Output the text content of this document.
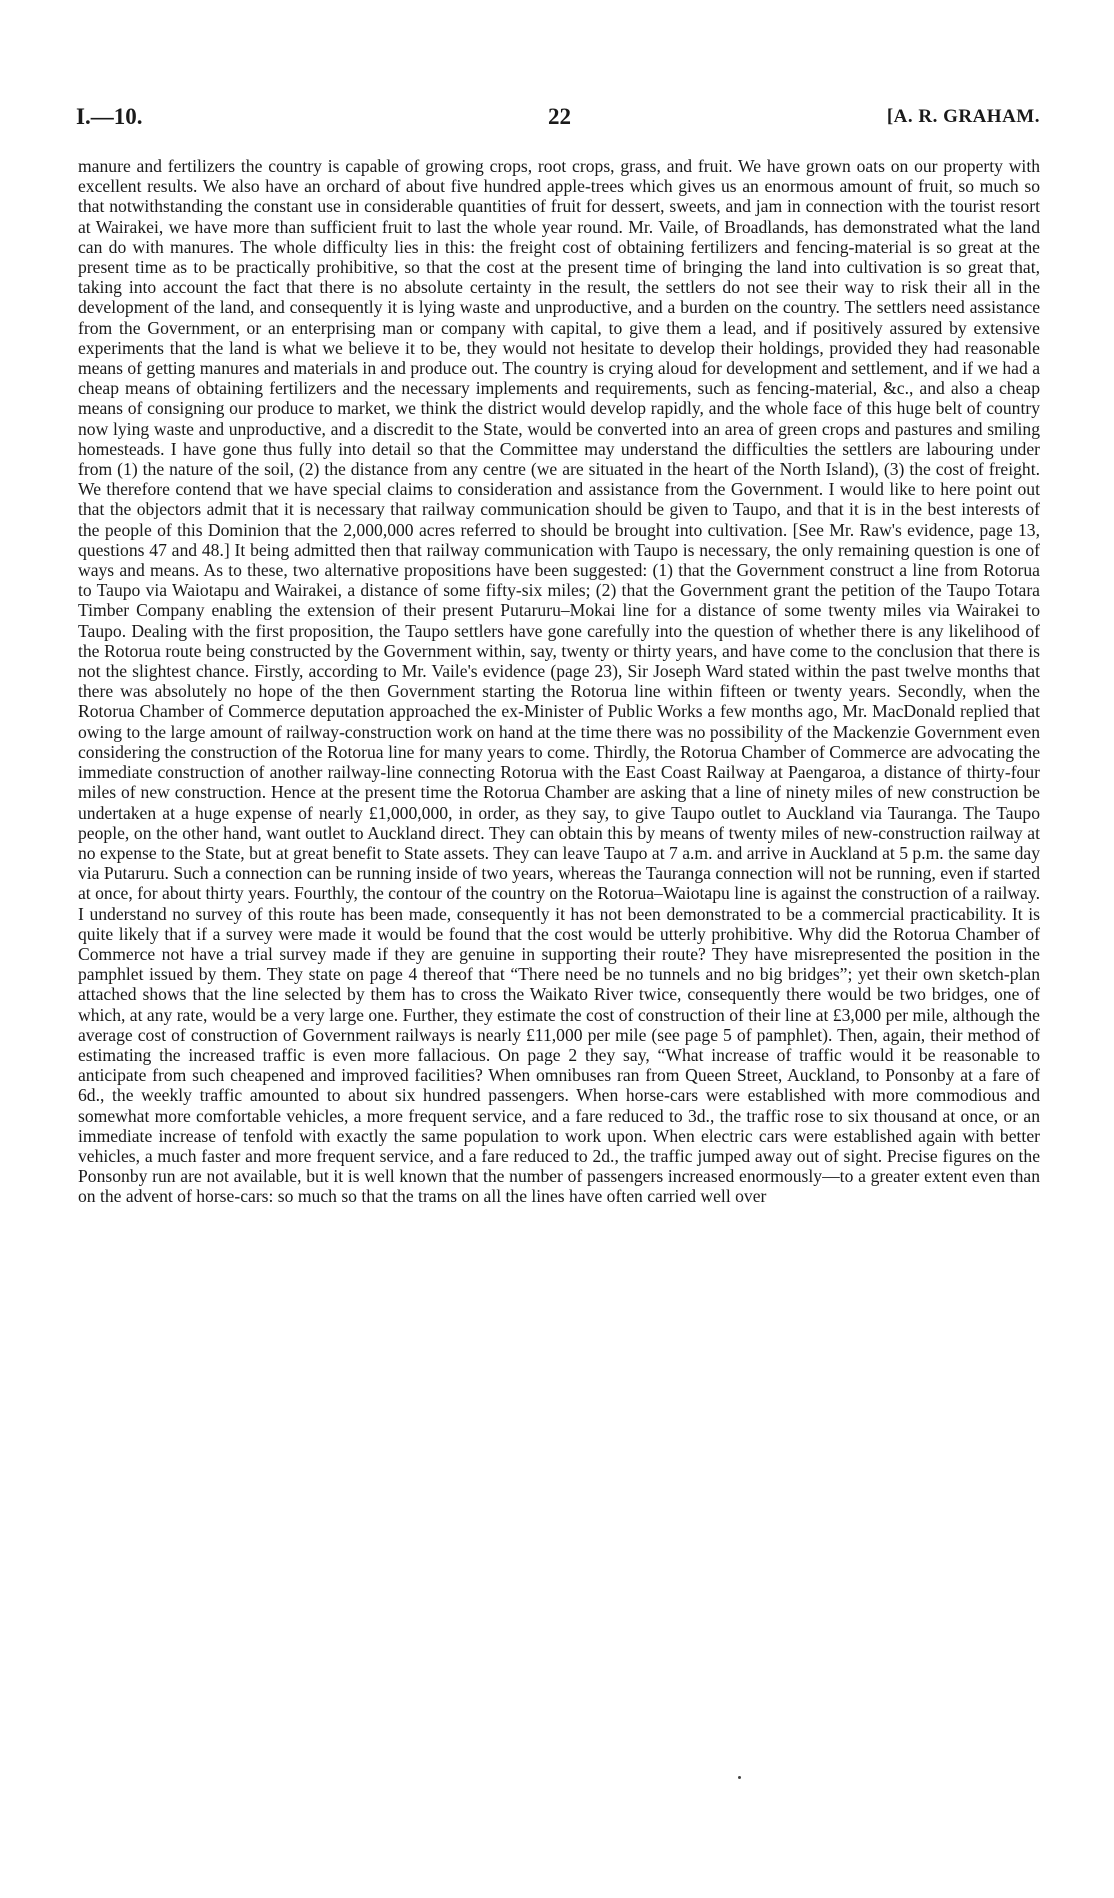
I.—10.	22	[A. R. GRAHAM.
manure and fertilizers the country is capable of growing crops, root crops, grass, and fruit. We have grown oats on our property with excellent results. We also have an orchard of about five hundred apple-trees which gives us an enormous amount of fruit, so much so that notwithstanding the constant use in considerable quantities of fruit for dessert, sweets, and jam in connection with the tourist resort at Wairakei, we have more than sufficient fruit to last the whole year round. Mr. Vaile, of Broadlands, has demonstrated what the land can do with manures. The whole difficulty lies in this: the freight cost of obtaining fertilizers and fencing-material is so great at the present time as to be practically prohibitive, so that the cost at the present time of bringing the land into cultivation is so great that, taking into account the fact that there is no absolute certainty in the result, the settlers do not see their way to risk their all in the development of the land, and consequently it is lying waste and unproductive, and a burden on the country. The settlers need assistance from the Government, or an enterprising man or company with capital, to give them a lead, and if positively assured by extensive experiments that the land is what we believe it to be, they would not hesitate to develop their holdings, provided they had reasonable means of getting manures and materials in and produce out. The country is crying aloud for development and settlement, and if we had a cheap means of obtaining fertilizers and the necessary implements and requirements, such as fencing-material, &c., and also a cheap means of consigning our produce to market, we think the district would develop rapidly, and the whole face of this huge belt of country now lying waste and unproductive, and a discredit to the State, would be converted into an area of green crops and pastures and smiling homesteads. I have gone thus fully into detail so that the Committee may understand the difficulties the settlers are labouring under from (1) the nature of the soil, (2) the distance from any centre (we are situated in the heart of the North Island), (3) the cost of freight. We therefore contend that we have special claims to consideration and assistance from the Government. I would like to here point out that the objectors admit that it is necessary that railway communication should be given to Taupo, and that it is in the best interests of the people of this Dominion that the 2,000,000 acres referred to should be brought into cultivation. [See Mr. Raw's evidence, page 13, questions 47 and 48.] It being admitted then that railway communication with Taupo is necessary, the only remaining question is one of ways and means. As to these, two alternative propositions have been suggested: (1) that the Government construct a line from Rotorua to Taupo via Waiotapu and Wairakei, a distance of some fifty-six miles; (2) that the Government grant the petition of the Taupo Totara Timber Company enabling the extension of their present Putaruru–Mokai line for a distance of some twenty miles via Wairakei to Taupo. Dealing with the first proposition, the Taupo settlers have gone carefully into the question of whether there is any likelihood of the Rotorua route being constructed by the Government within, say, twenty or thirty years, and have come to the conclusion that there is not the slightest chance. Firstly, according to Mr. Vaile's evidence (page 23), Sir Joseph Ward stated within the past twelve months that there was absolutely no hope of the then Government starting the Rotorua line within fifteen or twenty years. Secondly, when the Rotorua Chamber of Commerce deputation approached the ex-Minister of Public Works a few months ago, Mr. MacDonald replied that owing to the large amount of railway-construction work on hand at the time there was no possibility of the Mackenzie Government even considering the construction of the Rotorua line for many years to come. Thirdly, the Rotorua Chamber of Commerce are advocating the immediate construction of another railway-line connecting Rotorua with the East Coast Railway at Paengaroa, a distance of thirty-four miles of new construction. Hence at the present time the Rotorua Chamber are asking that a line of ninety miles of new construction be undertaken at a huge expense of nearly £1,000,000, in order, as they say, to give Taupo outlet to Auckland via Tauranga. The Taupo people, on the other hand, want outlet to Auckland direct. They can obtain this by means of twenty miles of new-construction railway at no expense to the State, but at great benefit to State assets. They can leave Taupo at 7 a.m. and arrive in Auckland at 5 p.m. the same day via Putaruru. Such a connection can be running inside of two years, whereas the Tauranga connection will not be running, even if started at once, for about thirty years. Fourthly, the contour of the country on the Rotorua–Waiotapu line is against the construction of a railway. I understand no survey of this route has been made, consequently it has not been demonstrated to be a commercial practicability. It is quite likely that if a survey were made it would be found that the cost would be utterly prohibitive. Why did the Rotorua Chamber of Commerce not have a trial survey made if they are genuine in supporting their route? They have misrepresented the position in the pamphlet issued by them. They state on page 4 thereof that “There need be no tunnels and no big bridges”; yet their own sketch-plan attached shows that the line selected by them has to cross the Waikato River twice, consequently there would be two bridges, one of which, at any rate, would be a very large one. Further, they estimate the cost of construction of their line at £3,000 per mile, although the average cost of construction of Government railways is nearly £11,000 per mile (see page 5 of pamphlet). Then, again, their method of estimating the increased traffic is even more fallacious. On page 2 they say, “What increase of traffic would it be reasonable to anticipate from such cheapened and improved facilities? When omnibuses ran from Queen Street, Auckland, to Ponsonby at a fare of 6d., the weekly traffic amounted to about six hundred passengers. When horse-cars were established with more commodious and somewhat more comfortable vehicles, a more frequent service, and a fare reduced to 3d., the traffic rose to six thousand at once, or an immediate increase of tenfold with exactly the same population to work upon. When electric cars were established again with better vehicles, a much faster and more frequent service, and a fare reduced to 2d., the traffic jumped away out of sight. Precise figures on the Ponsonby run are not available, but it is well known that the number of passengers increased enormously—to a greater extent even than on the advent of horse-cars: so much so that the trams on all the lines have often carried well over
